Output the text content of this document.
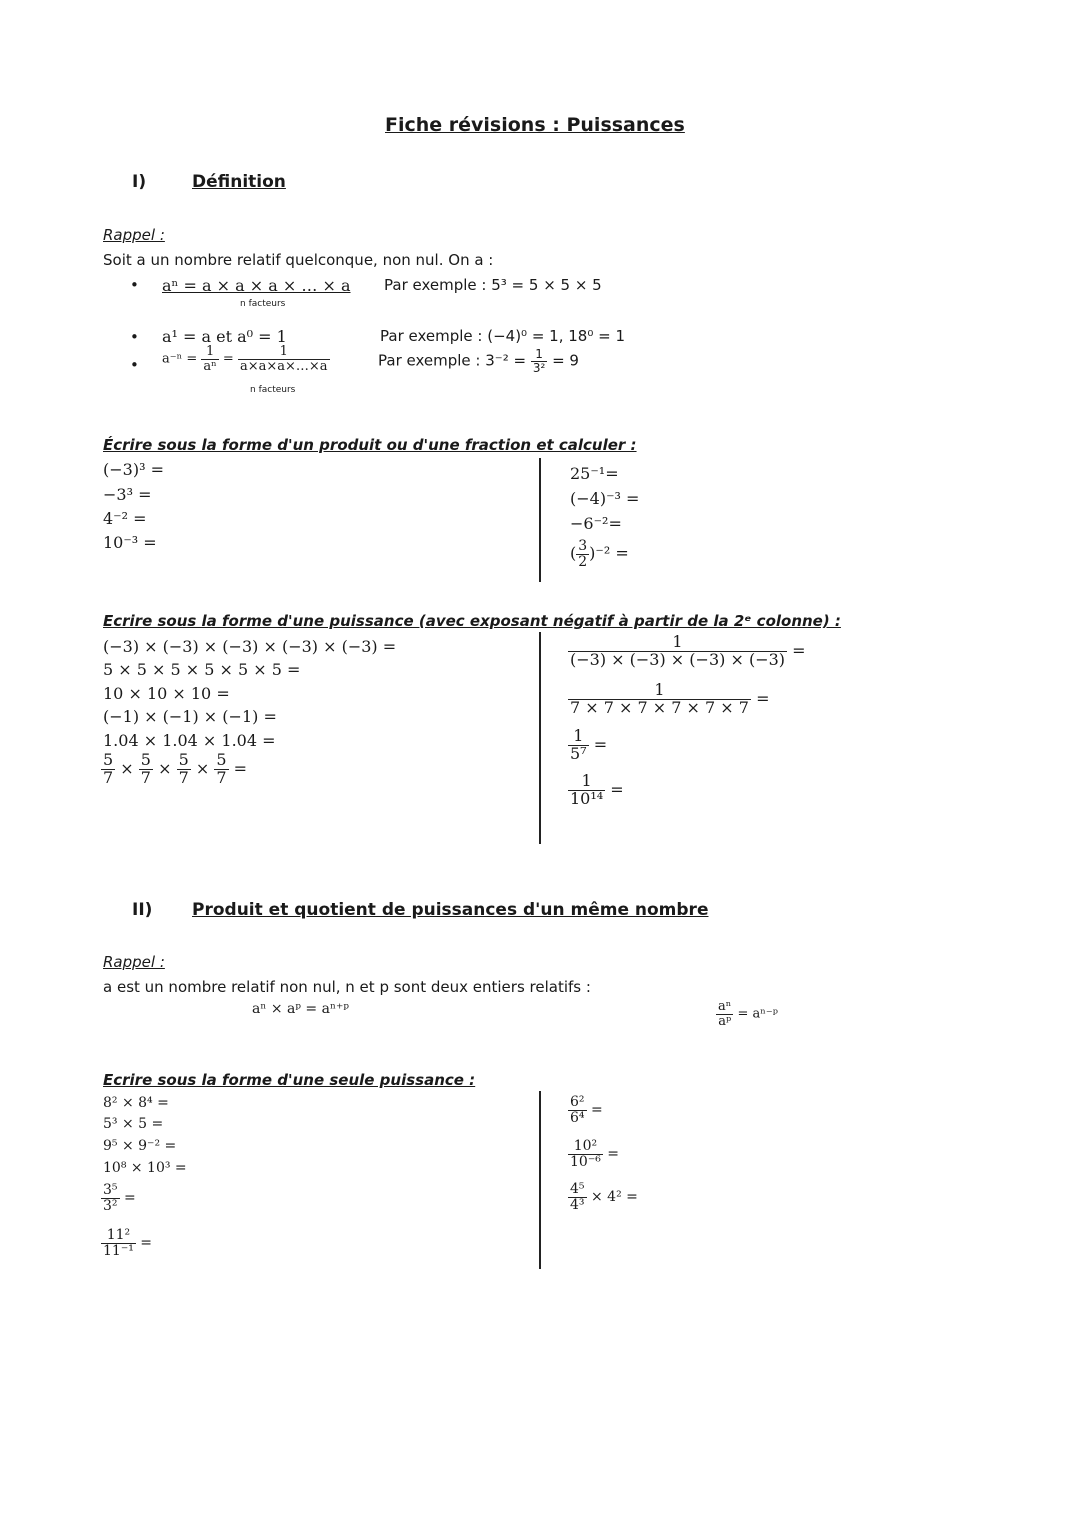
Fiche révisions : Puissances
I)	Définition
Rappel :
Soit a un nombre relatif quelconque, non nul. On a :
• aⁿ = a × a × a × … × a
n facteurs
Par exemple : 5³ = 5 × 5 × 5
• a¹ = a et a⁰ = 1	Par exemple : (−4)⁰ = 1, 18⁰ = 1
• $a^{-n} = \frac{1}{\text{aⁿ}} = \frac{1}{a\times a\times a\times\dots\times a}$
n facteurs
Par exemple : $3^{-2} = \frac{1}{\text{3²}} = 9$
Écrire sous la forme d'un produit ou d'une fraction et calculer :
(−3)³ =
−3³ =
4⁻² =
10⁻³ =
25⁻¹=
(−4)⁻³ =
−6⁻²=
( $\frac{3}{2} )^{-2}$ =
Ecrire sous la forme d'une puissance (avec exposant négatif à partir de la 2ᵉ colonne) :
(−3) × (−3) × (−3) × (−3) × (−3) =
5 × 5 × 5 × 5 × 5 × 5 =
10 × 10 × 10 =
(−1) × (−1) × (−1) =
1.04 × 1.04 × 1.04 =
$\frac{5}{7} \times \frac{5}{7} \times \frac{5}{7} \times \frac{5}{7}$ =
$\frac{1}{(-3) \times (-3) \times (-3) \times (-3)}$ =
$\frac{1}{7 \times 7 \times 7 \times 7 \times 7 \times 7}$ =
$\frac{1}{\text{5⁷}}$ =
$\frac{1}{\text{10¹⁴}}$ =
II) Produit et quotient de puissances d'un même nombre
Rappel :
a est un nombre relatif non nul, n et p sont deux entiers relatifs :
aⁿ × aᵖ = aⁿ⁺ᵖ	$\frac{\text{aⁿ}}{\text{aᵖ}}$ = aⁿ⁻ᵖ
Ecrire sous la forme d'une seule puissance :
8² × 8⁴ =
5³ × 5 =
9⁵ × 9⁻² =
10⁸ × 10³ =
$\frac{\text{3⁵}}{\text{3²}}$ =
$\frac{\text{11²}}{\text{11⁻¹}}$ =
$\frac{\text{6²}}{\text{6⁴}}$ =
$\frac{\text{10²}}{\text{10⁻⁶}}$ =
$\frac{\text{4⁵}}{\text{4³}} \times 4^2$ =
